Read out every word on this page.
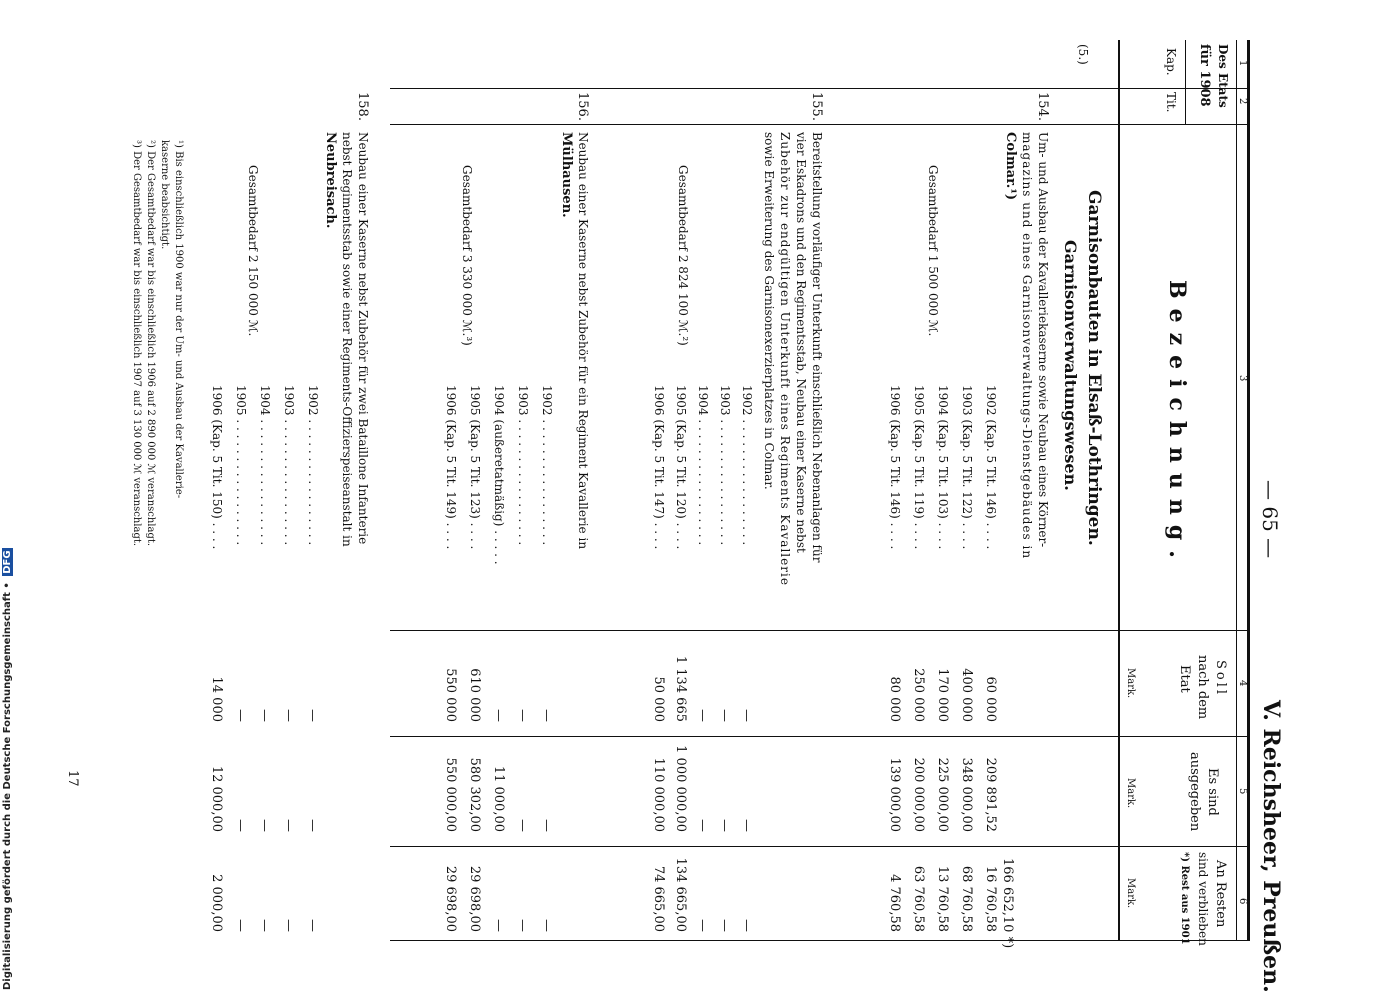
— 65 —
V. Reichsheer, Preußen.
1
2
3
4
5
6
Des Etats
für 1908
Kap.
Tit.
Bezeichnung.
Soll
nach dem
Etat
Mark.
Es sind
ausgegeben
Mark.
An Resten
sind verblieben
*) Rest aus 1901
Mark.
(5.)
Garnisonbauten in Elsaß-Lothringen.
Garnisonverwaltungswesen.
154.
Um- und Ausbau der Kavalleriekaserne sowie Neubau eines Körner-
magazins und eines Garnisonverwaltungs-Dienstgebäudes in
Colmar.¹)
166 652,10 *)
Gesamtbedarf 1 500 000 ℳ.
1902 (Kap. 5 Tit. 146) . . . .
60 000
209 891,52
16 760,58
1903 (Kap. 5 Tit. 122) . . . .
400 000
348 000,00
68 760,58
1904 (Kap. 5 Tit. 103) . . . .
170 000
225 000,00
13 760,58
1905 (Kap. 5 Tit. 119) . . . .
250 000
200 000,00
63 760,58
1906 (Kap. 5 Tit. 146) . . . .
80 000
139 000,00
4 760,58
155.
Bereitstellung vorläufiger Unterkunft einschließlich Nebenanlagen für
vier Eskadrons und den Regimentsstab, Neubau einer Kaserne nebst
Zubehör zur endgültigen Unterkunft eines Regiments Kavallerie
sowie Erweiterung des Garnisonexerzierplatzes in Colmar.
Gesamtbedarf 2 824 100 ℳ.²)
1902 . . . . . . . . . . . . . . . . .
—
—
—
1903 . . . . . . . . . . . . . . . . .
—
—
—
1904 . . . . . . . . . . . . . . . . .
—
—
—
1905 (Kap. 5 Tit. 120) . . . .
1 134 665
1 000 000,00
134 665,00
1906 (Kap. 5 Tit. 147) . . . .
50 000
110 000,00
74 665,00
156.
Neubau einer Kaserne nebst Zubehör für ein Regiment Kavallerie in
Mülhausen.
Gesamtbedarf 3 330 000 ℳ.³)
1902 . . . . . . . . . . . . . . . . .
—
—
—
1903 . . . . . . . . . . . . . . . . .
—
—
—
1904 (außeretatmäßig) . . . . .
—
11 000,00
—
1905 (Kap. 5 Tit. 123) . . . .
610 000
580 302,00
29 698,00
1906 (Kap. 5 Tit. 149) . . . .
550 000
550 000,00
29 698,00
158.
Neubau einer Kaserne nebst Zubehör für zwei Bataillone Infanterie
nebst Regimentsstab sowie einer Regiments-Offizierspeiseanstalt in
Neubreisach.
Gesamtbedarf 2 150 000 ℳ.
1902 . . . . . . . . . . . . . . . . .
—
—
—
1903 . . . . . . . . . . . . . . . . .
—
—
—
1904 . . . . . . . . . . . . . . . . .
—
—
—
1905 . . . . . . . . . . . . . . . . .
—
—
—
1906 (Kap. 5 Tit. 150) . . . .
14 000
12 000,00
2 000,00
¹) Bis einschließlich 1900 war nur der Um- und Ausbau der Kavallerie-
kaserne beabsichtigt.
²) Der Gesamtbedarf war bis einschließlich 1906 auf 2 890 000 ℳ veranschlagt.
³) Der Gesamtbedarf war bis einschließlich 1907 auf 3 130 000 ℳ veranschlagt.
17
Digitalisierung gefördert durch die Deutsche Forschungsgemeinschaft • DFG
